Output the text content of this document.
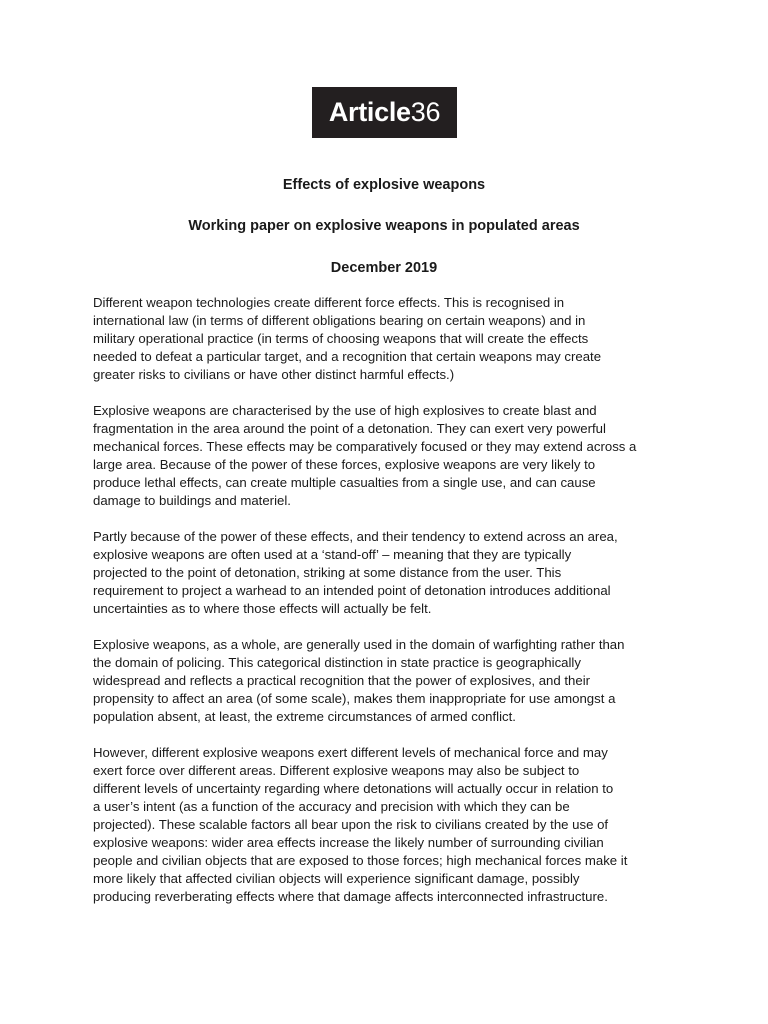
Article36
Effects of explosive weapons
Working paper on explosive weapons in populated areas
December 2019

Different weapon technologies create different force effects. This is recognised in
international law (in terms of different obligations bearing on certain weapons) and in
military operational practice (in terms of choosing weapons that will create the effects
needed to defeat a particular target, and a recognition that certain weapons may create
greater risks to civilians or have other distinct harmful effects.)

Explosive weapons are characterised by the use of high explosives to create blast and
fragmentation in the area around the point of a detonation. They can exert very powerful
mechanical forces. These effects may be comparatively focused or they may extend across a
large area. Because of the power of these forces, explosive weapons are very likely to
produce lethal effects, can create multiple casualties from a single use, and can cause
damage to buildings and materiel.

Partly because of the power of these effects, and their tendency to extend across an area,
explosive weapons are often used at a ‘stand-off’ – meaning that they are typically
projected to the point of detonation, striking at some distance from the user. This
requirement to project a warhead to an intended point of detonation introduces additional
uncertainties as to where those effects will actually be felt.

Explosive weapons, as a whole, are generally used in the domain of warfighting rather than
the domain of policing. This categorical distinction in state practice is geographically
widespread and reflects a practical recognition that the power of explosives, and their
propensity to affect an area (of some scale), makes them inappropriate for use amongst a
population absent, at least, the extreme circumstances of armed conflict.

However, different explosive weapons exert different levels of mechanical force and may
exert force over different areas. Different explosive weapons may also be subject to
different levels of uncertainty regarding where detonations will actually occur in relation to
a user’s intent (as a function of the accuracy and precision with which they can be
projected). These scalable factors all bear upon the risk to civilians created by the use of
explosive weapons: wider area effects increase the likely number of surrounding civilian
people and civilian objects that are exposed to those forces; high mechanical forces make it
more likely that affected civilian objects will experience significant damage, possibly
producing reverberating effects where that damage affects interconnected infrastructure.
